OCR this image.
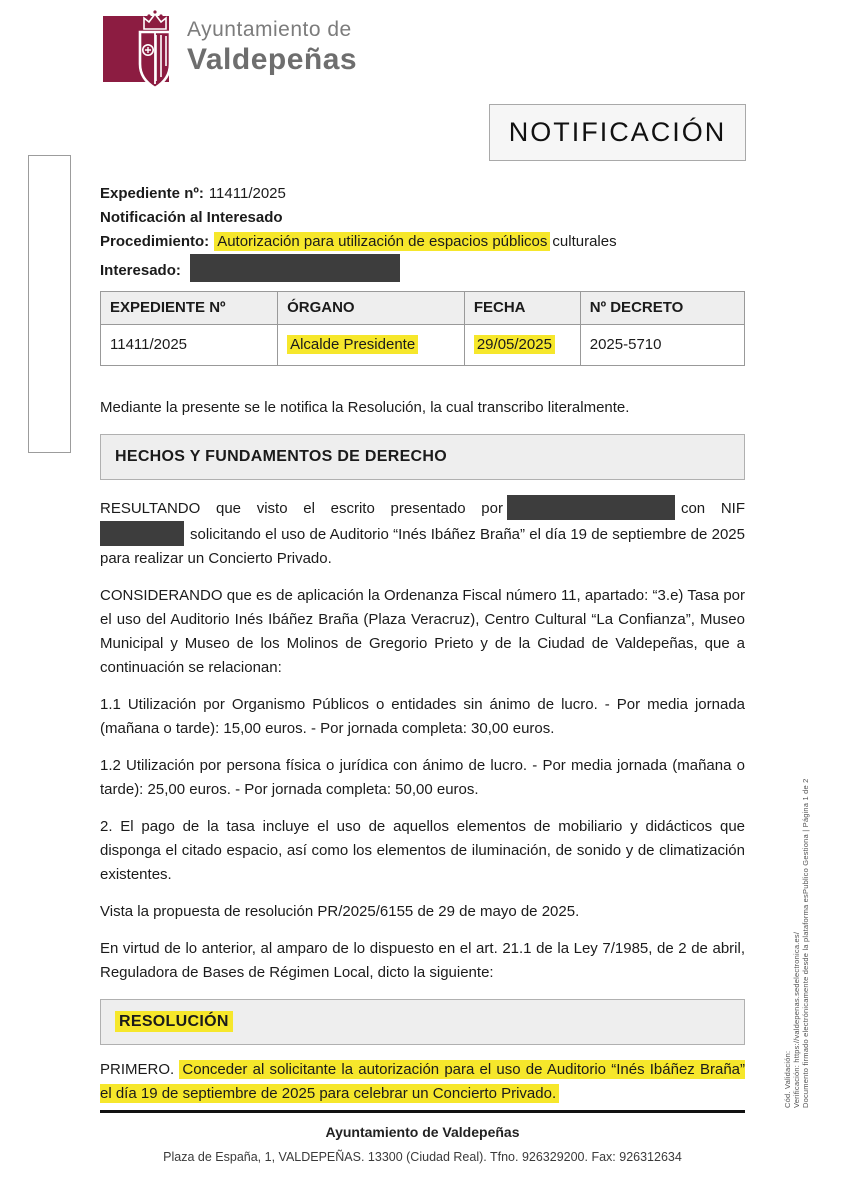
Ayuntamiento de
Valdepeñas
NOTIFICACIÓN
Expediente nº: 11411/2025
Notificación al Interesado
Procedimiento: Autorización para utilización de espacios públicos culturales
Interesado:
EXPEDIENTE Nº	ÓRGANO	FECHA	Nº DECRETO
11411/2025	Alcalde Presidente	29/05/2025	2025-5710

Mediante la presente se le notifica la Resolución, la cual transcribo literalmente.

HECHOS Y FUNDAMENTOS DE DERECHO

RESULTANDO que visto el escrito presentado por	con NIF solicitando el uso de Auditorio “Inés Ibáñez Braña” el día 19 de septiembre de 2025 para realizar un Concierto Privado.

CONSIDERANDO que es de aplicación la Ordenanza Fiscal número 11, apartado: “3.e) Tasa por el uso del Auditorio Inés Ibáñez Braña (Plaza Veracruz), Centro Cultural “La Confianza”, Museo Municipal y Museo de los Molinos de Gregorio Prieto y de la Ciudad de Valdepeñas, que a continuación se relacionan:

1.1 Utilización por Organismo Públicos o entidades sin ánimo de lucro. - Por media jornada (mañana o tarde): 15,00 euros. - Por jornada completa: 30,00 euros.

1.2 Utilización por persona física o jurídica con ánimo de lucro. - Por media jornada (mañana o tarde): 25,00 euros. - Por jornada completa: 50,00 euros.

2. El pago de la tasa incluye el uso de aquellos elementos de mobiliario y didácticos que disponga el citado espacio, así como los elementos de iluminación, de sonido y de climatización existentes.

Vista la propuesta de resolución PR/2025/6155 de 29 de mayo de 2025.

En virtud de lo anterior, al amparo de lo dispuesto en el art. 21.1 de la Ley 7/1985, de 2 de abril, Reguladora de Bases de Régimen Local, dicto la siguiente:

RESOLUCIÓN

PRIMERO. Conceder al solicitante la autorización para el uso de Auditorio “Inés Ibáñez Braña” el día 19 de septiembre de 2025 para celebrar un Concierto Privado.

Ayuntamiento de Valdepeñas
Plaza de España, 1, VALDEPEÑAS. 13300 (Ciudad Real). Tfno. 926329200. Fax: 926312634
Cód. Validación: Verificación: https://valdepenas.sedelectronica.es/ Documento firmado electrónicamente desde la plataforma esPublico Gestiona | Página 1 de 2
